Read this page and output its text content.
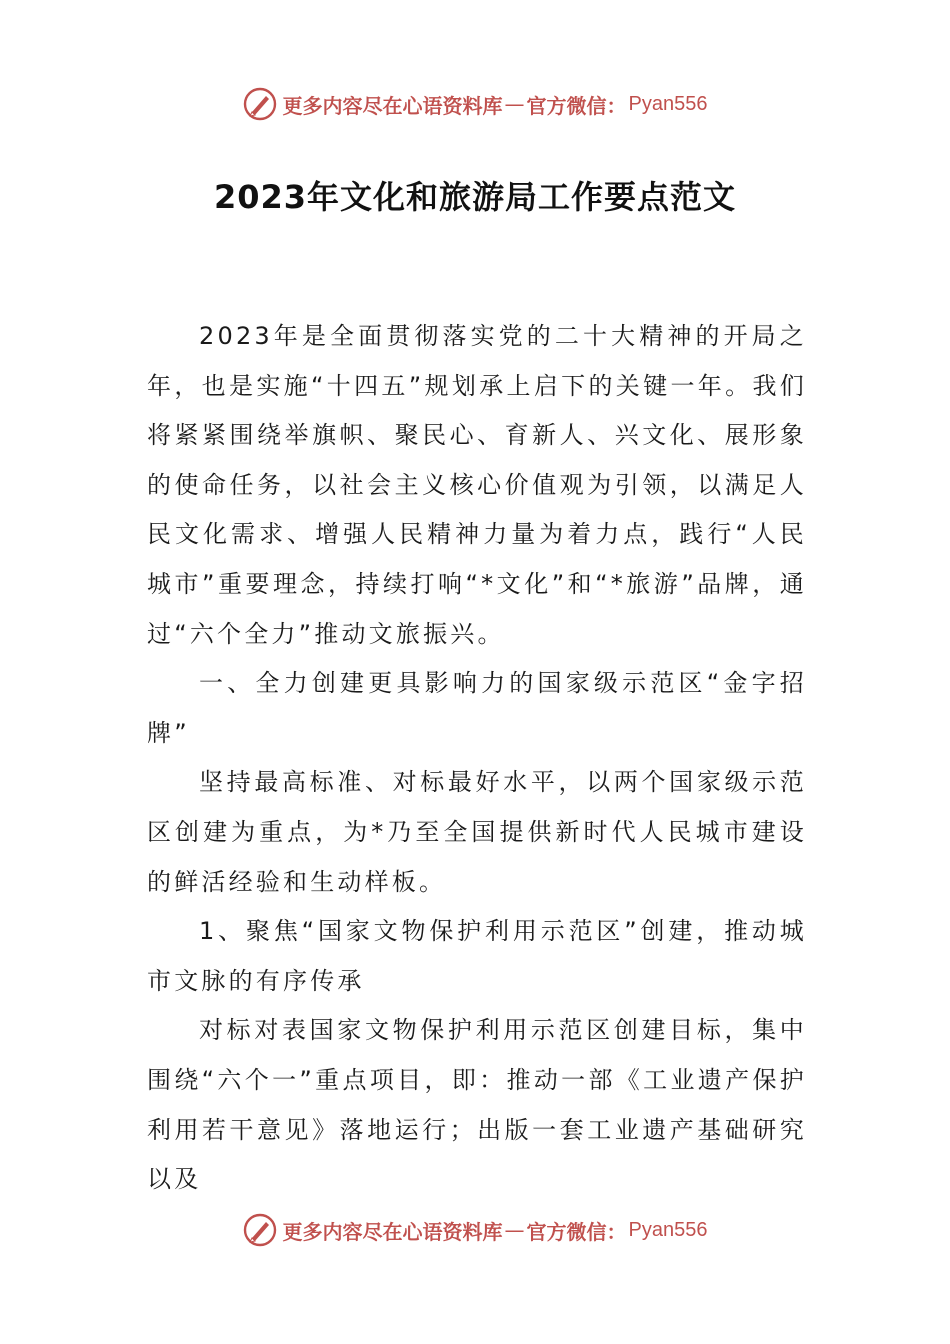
更多内容尽在心语资料库 — 官方微信： Pyan556
2023年文化和旅游局工作要点范文

2023年是全面贯彻落实党的二十大精神的开局之年，也是实施“十四五”规划承上启下的关键一年。我们将紧紧围绕举旗帜、聚民心、育新人、兴文化、展形象的使命任务，以社会主义核心价值观为引领，以满足人民文化需求、增强人民精神力量为着力点，践行“人民城市”重要理念，持续打响“*文化”和“*旅游”品牌，通过“六个全力”推动文旅振兴。

一、全力创建更具影响力的国家级示范区“金字招牌”

坚持最高标准、对标最好水平，以两个国家级示范区创建为重点，为*乃至全国提供新时代人民城市建设的鲜活经验和生动样板。

1、聚焦“国家文物保护利用示范区”创建，推动城市文脉的有序传承

对标对表国家文物保护利用示范区创建目标，集中围绕“六个一”重点项目，即：推动一部《工业遗产保护利用若干意见》落地运行；出版一套工业遗产基础研究以及

更多内容尽在心语资料库 — 官方微信： Pyan556
